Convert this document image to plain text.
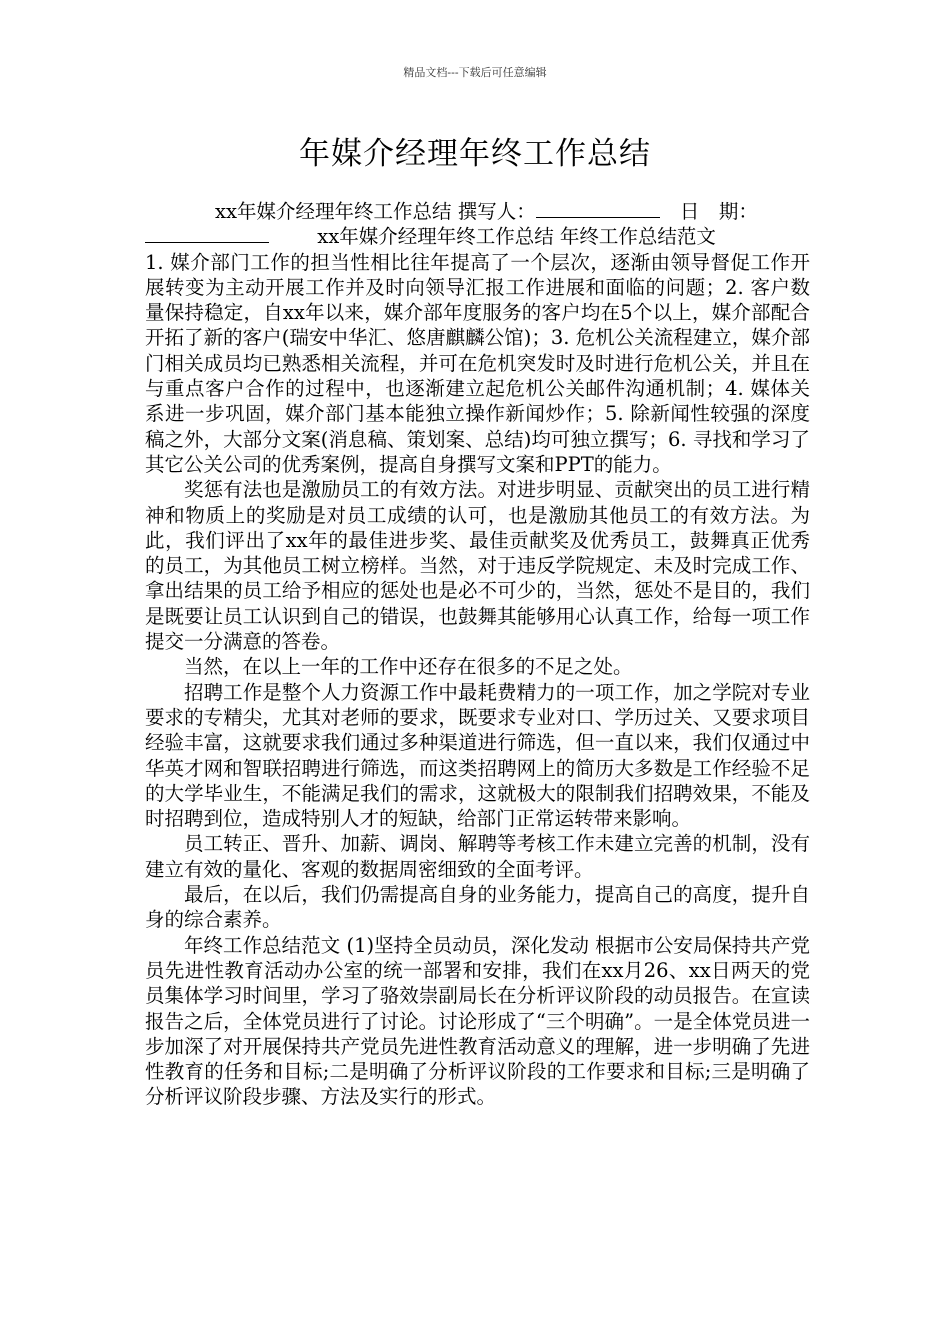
精品文档---下载后可任意编辑
年媒介经理年终工作总结
xx年媒介经理年终工作总结 撰写人：	日　期：
xx年媒介经理年终工作总结 年终工作总结范文

1. 媒介部门工作的担当性相比往年提高了一个层次，逐渐由领导督促工作开展转变为主动开展工作并及时向领导汇报工作进展和面临的问题；2. 客户数量保持稳定，自xx年以来，媒介部年度服务的客户均在5个以上，媒介部配合开拓了新的客户(瑞安中华汇、悠唐麒麟公馆)；3. 危机公关流程建立，媒介部门相关成员均已熟悉相关流程，并可在危机突发时及时进行危机公关，并且在与重点客户合作的过程中，也逐渐建立起危机公关邮件沟通机制；4. 媒体关系进一步巩固，媒介部门基本能独立操作新闻炒作；5. 除新闻性较强的深度稿之外，大部分文案(消息稿、策划案、总结)均可独立撰写；6. 寻找和学习了其它公关公司的优秀案例，提高自身撰写文案和PPT的能力。

奖惩有法也是激励员工的有效方法。对进步明显、贡献突出的员工进行精神和物质上的奖励是对员工成绩的认可，也是激励其他员工的有效方法。为此，我们评出了xx年的最佳进步奖、最佳贡献奖及优秀员工，鼓舞真正优秀的员工，为其他员工树立榜样。当然，对于违反学院规定、未及时完成工作、拿出结果的员工给予相应的惩处也是必不可少的，当然，惩处不是目的，我们是既要让员工认识到自己的错误，也鼓舞其能够用心认真工作，给每一项工作提交一分满意的答卷。

当然，在以上一年的工作中还存在很多的不足之处。

招聘工作是整个人力资源工作中最耗费精力的一项工作，加之学院对专业要求的专精尖，尤其对老师的要求，既要求专业对口、学历过关、又要求项目经验丰富，这就要求我们通过多种渠道进行筛选，但一直以来，我们仅通过中华英才网和智联招聘进行筛选，而这类招聘网上的简历大多数是工作经验不足的大学毕业生，不能满足我们的需求，这就极大的限制我们招聘效果，不能及时招聘到位，造成特别人才的短缺，给部门正常运转带来影响。

员工转正、晋升、加薪、调岗、解聘等考核工作未建立完善的机制，没有建立有效的量化、客观的数据周密细致的全面考评。

最后，在以后，我们仍需提高自身的业务能力，提高自己的高度，提升自身的综合素养。

年终工作总结范文 (1)坚持全员动员，深化发动 根据市公安局保持共产党员先进性教育活动办公室的统一部署和安排，我们在xx月26、xx日两天的党员集体学习时间里，学习了骆效崇副局长在分析评议阶段的动员报告。在宣读报告之后，全体党员进行了讨论。讨论形成了“三个明确”。一是全体党员进一步加深了对开展保持共产党员先进性教育活动意义的理解，进一步明确了先进性教育的任务和目标;二是明确了分析评议阶段的工作要求和目标;三是明确了分析评议阶段步骤、方法及实行的形式。
